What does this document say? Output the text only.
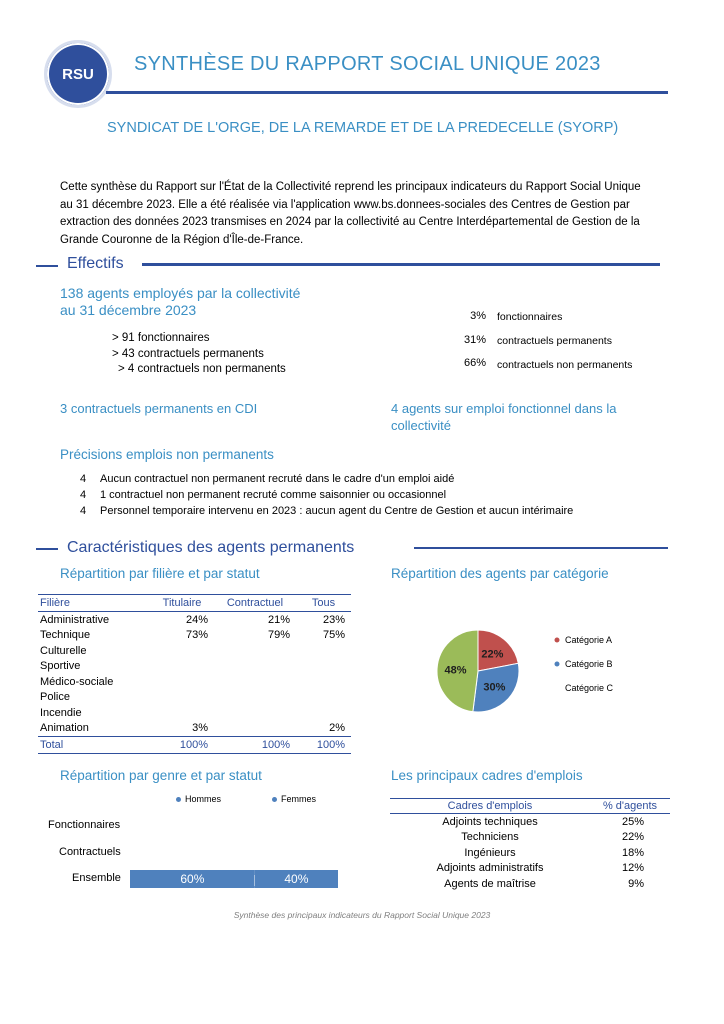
RSU SYNTHÈSE DU RAPPORT SOCIAL UNIQUE 2023
SYNDICAT DE L'ORGE, DE LA REMARDE ET DE LA PREDECELLE (SYORP)
Cette synthèse du Rapport sur l'État de la Collectivité reprend les principaux indicateurs du Rapport Social Unique
au 31 décembre 2023. Elle a été réalisée via l'application www.bs.donnees-sociales des Centres de Gestion par
extraction des données 2023 transmises en 2024 par la collectivité au Centre Interdépartemental de Gestion de la
Grande Couronne de la Région d'Île-de-France.
Effectifs
138 agents employés par la collectivité
au 31 décembre 2023
> 91 fonctionnaires
> 43 contractuels permanents
> 4 contractuels non permanents
3% fonctionnaires
31% contractuels permanents
66% contractuels non permanents
3 contractuels permanents en CDI	4 agents sur emploi fonctionnel dans la
collectivité
Précisions emplois non permanents
4 Aucun contractuel non permanent recruté dans le cadre d'un emploi aidé
4 1 contractuel non permanent recruté comme saisonnier ou occasionnel
4 Personnel temporaire intervenu en 2023 : aucun agent du Centre de Gestion et aucun intérimaire
Caractéristiques des agents permanents
Répartition par filière et par statut	Répartition des agents par catégorie
Filière	Titulaire	Contractuel	Tous
Administrative	24%	21%	23%
Technique	73%	79%	75%
Culturelle			
Sportive			
Médico-sociale			
Police			
Incendie			
Animation	3%		2%
Total	100%	100%	100%
22%
30%
48%
Catégorie A
Catégorie B
Catégorie C
Répartition par genre et par statut
Hommes	Femmes
Fonctionnaires
Contractuels
Ensemble	60%	40%
Les principaux cadres d'emplois
Cadres d'emplois	% d'agents
Adjoints techniques	25%
Techniciens	22%
Ingénieurs	18%
Adjoints administratifs	12%
Agents de maîtrise	9%
Synthèse des principaux indicateurs du Rapport Social Unique 2023
